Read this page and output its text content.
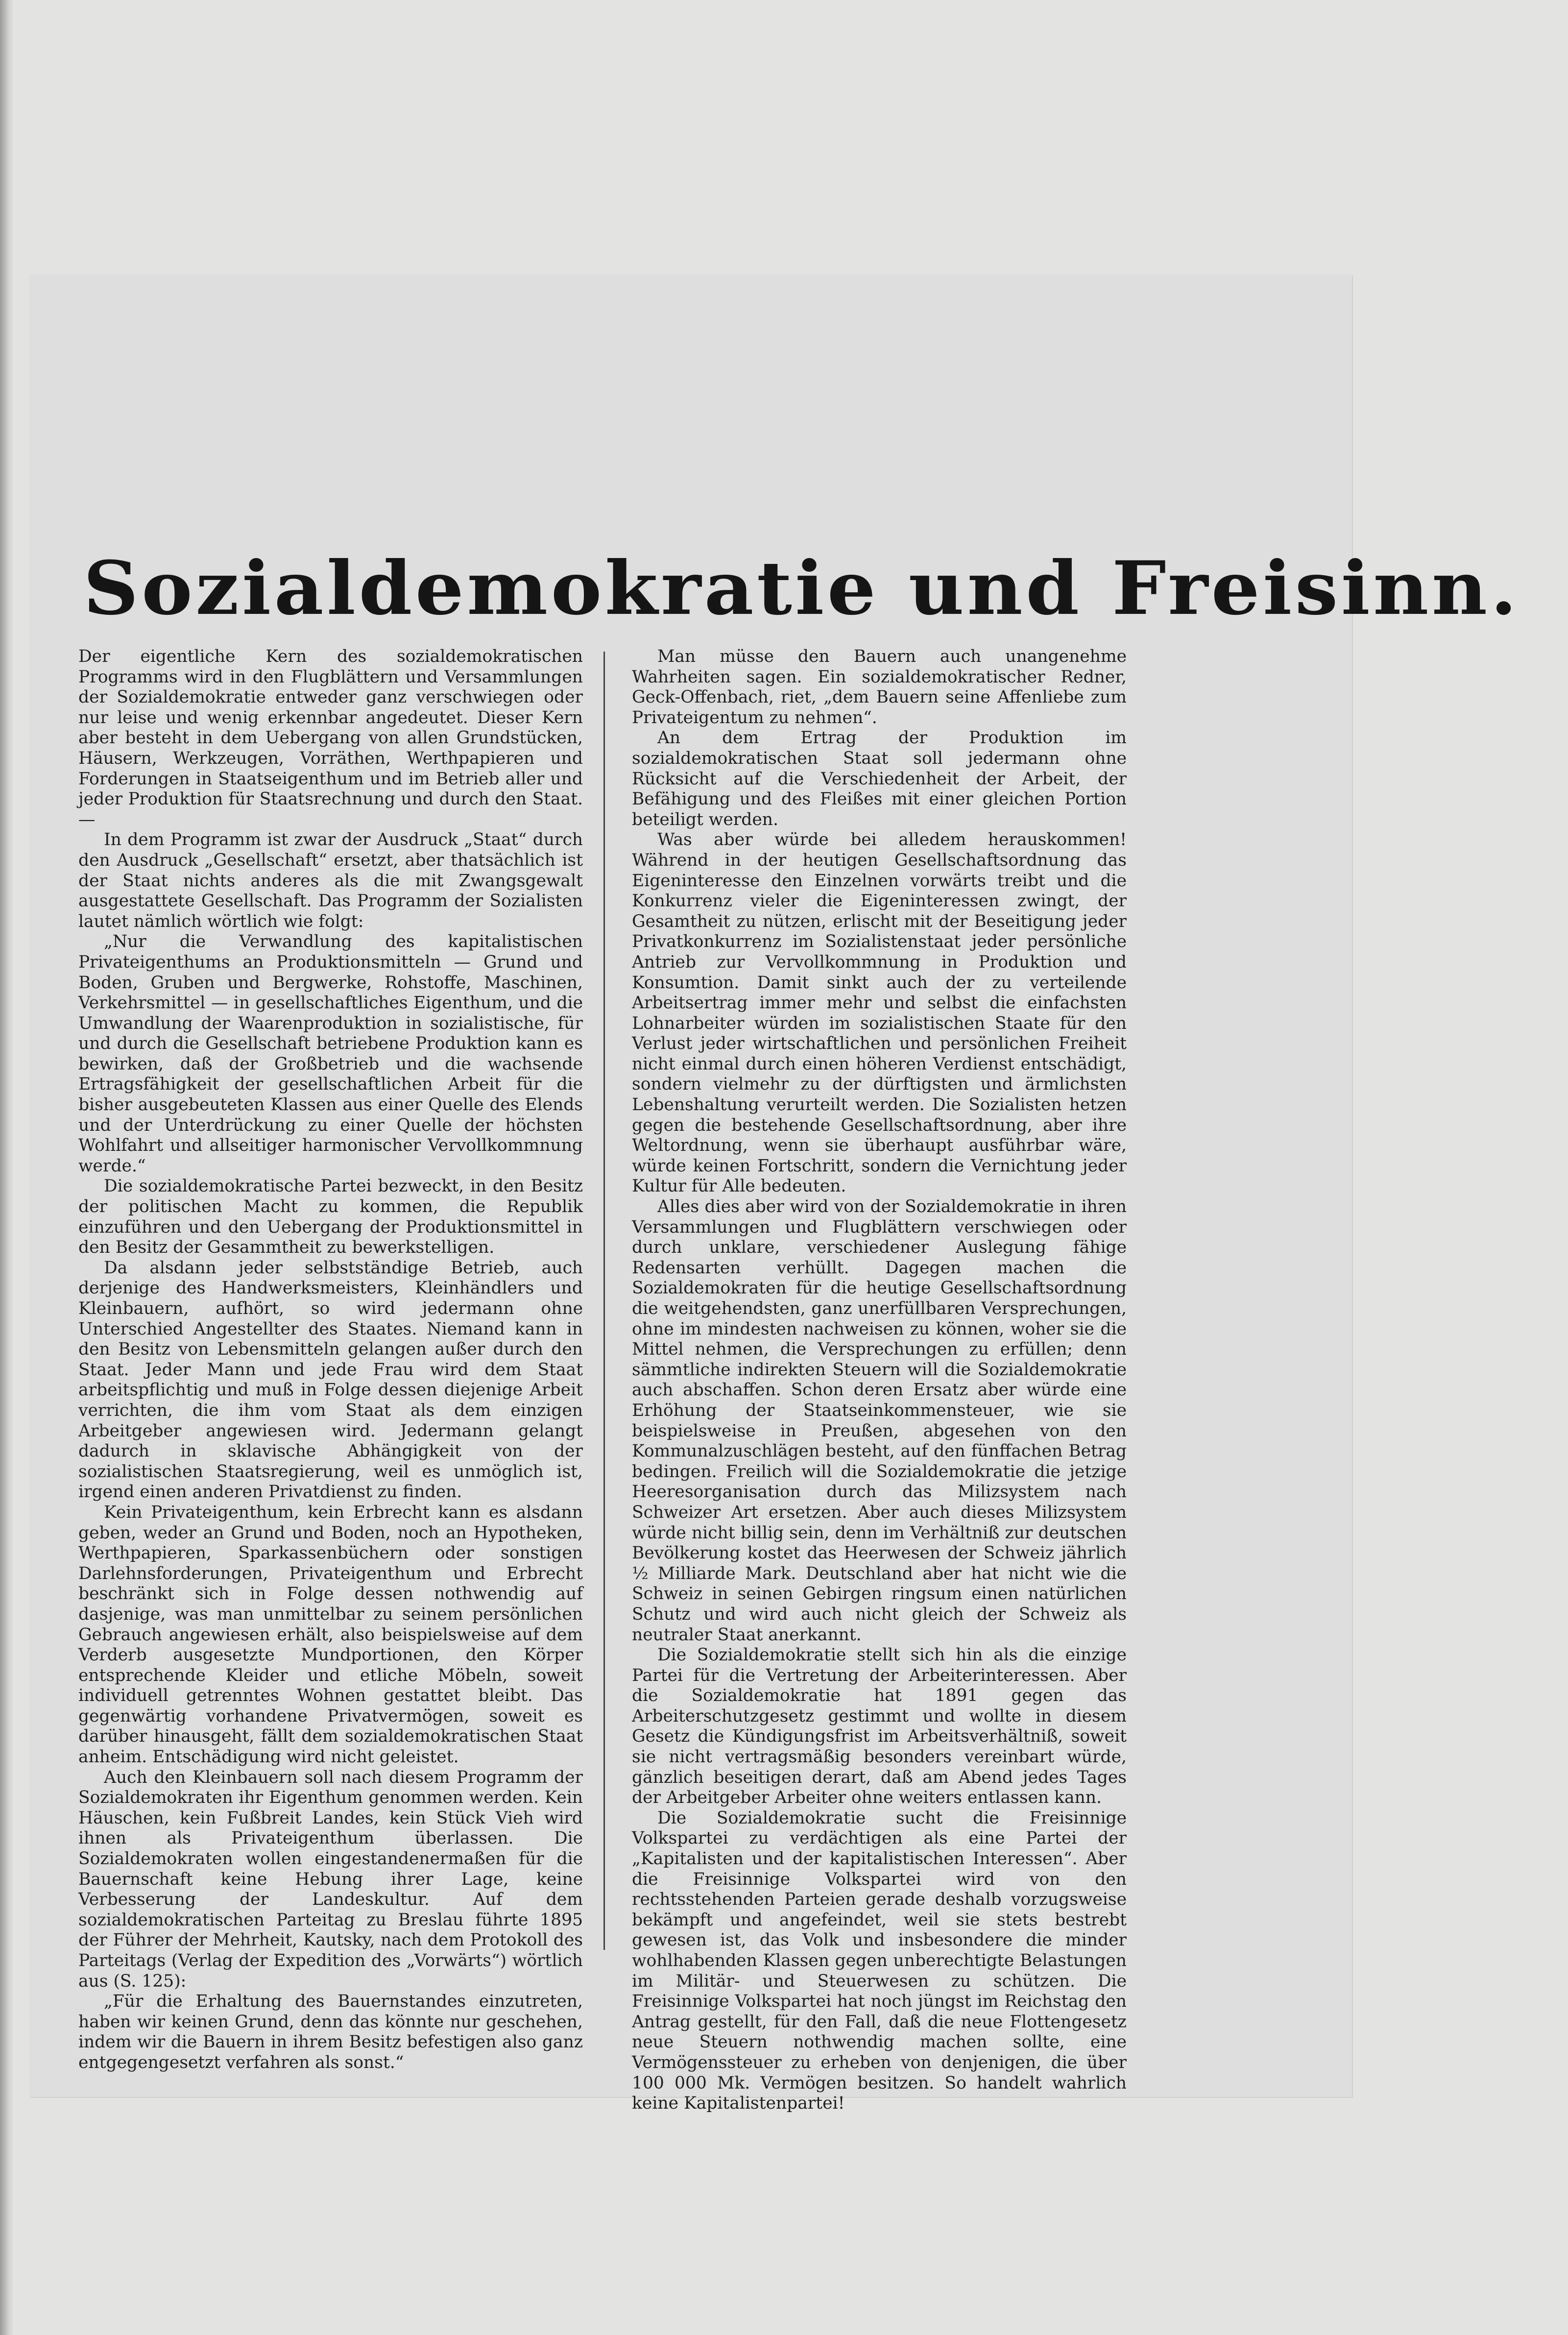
Sozialdemokratie und Freisinn.

Der eigentliche Kern des sozialdemokratischen Programms wird in den Flugblättern und Versammlungen der Sozialdemokratie entweder ganz verschwiegen oder nur leise und wenig erkennbar angedeutet. Dieser Kern aber besteht in dem Uebergang von allen Grundstücken, Häusern, Werkzeugen, Vorräthen, Werthpapieren und Forderungen in Staatseigenthum und im Betrieb aller und jeder Produktion für Staatsrechnung und durch den Staat. —

In dem Programm ist zwar der Ausdruck „Staat“ durch den Ausdruck „Gesellschaft“ ersetzt, aber thatsächlich ist der Staat nichts anderes als die mit Zwangsgewalt ausgestattete Gesellschaft. Das Programm der Sozialisten lautet nämlich wörtlich wie folgt:

„Nur die Verwandlung des kapitalistischen Privateigenthums an Produktionsmitteln — Grund und Boden, Gruben und Bergwerke, Rohstoffe, Maschinen, Verkehrsmittel — in gesellschaftliches Eigenthum, und die Umwandlung der Waarenproduktion in sozialistische, für und durch die Gesellschaft betriebene Produktion kann es bewirken, daß der Großbetrieb und die wachsende Ertragsfähigkeit der gesellschaftlichen Arbeit für die bisher ausgebeuteten Klassen aus einer Quelle des Elends und der Unterdrückung zu einer Quelle der höchsten Wohlfahrt und allseitiger harmonischer Vervollkommnung werde.“

Die sozialdemokratische Partei bezweckt, in den Besitz der politischen Macht zu kommen, die Republik einzuführen und den Uebergang der Produktionsmittel in den Besitz der Gesammtheit zu bewerkstelligen.

Da alsdann jeder selbstständige Betrieb, auch derjenige des Handwerksmeisters, Kleinhändlers und Kleinbauern, aufhört, so wird jedermann ohne Unterschied Angestellter des Staates. Niemand kann in den Besitz von Lebensmitteln gelangen außer durch den Staat. Jeder Mann und jede Frau wird dem Staat arbeitspflichtig und muß in Folge dessen diejenige Arbeit verrichten, die ihm vom Staat als dem einzigen Arbeitgeber angewiesen wird. Jedermann gelangt dadurch in sklavische Abhängigkeit von der sozialistischen Staatsregierung, weil es unmöglich ist, irgend einen anderen Privatdienst zu finden.

Kein Privateigenthum, kein Erbrecht kann es alsdann geben, weder an Grund und Boden, noch an Hypotheken, Werthpapieren, Sparkassenbüchern oder sonstigen Darlehnsforderungen, Privateigenthum und Erbrecht beschränkt sich in Folge dessen nothwendig auf dasjenige, was man unmittelbar zu seinem persönlichen Gebrauch angewiesen erhält, also beispielsweise auf dem Verderb ausgesetzte Mundportionen, den Körper entsprechende Kleider und etliche Möbeln, soweit individuell getrenntes Wohnen gestattet bleibt. Das gegenwärtig vorhandene Privatvermögen, soweit es darüber hinausgeht, fällt dem sozialdemokratischen Staat anheim. Entschädigung wird nicht geleistet.

Auch den Kleinbauern soll nach diesem Programm der Sozialdemokraten ihr Eigenthum genommen werden. Kein Häuschen, kein Fußbreit Landes, kein Stück Vieh wird ihnen als Privateigenthum überlassen. Die Sozialdemokraten wollen eingestandenermaßen für die Bauernschaft keine Hebung ihrer Lage, keine Verbesserung der Landeskultur. Auf dem sozialdemokratischen Parteitag zu Breslau führte 1895 der Führer der Mehrheit, Kautsky, nach dem Protokoll des Parteitags (Verlag der Expedition des „Vorwärts“) wörtlich aus (S. 125):

„Für die Erhaltung des Bauernstandes einzutreten, haben wir keinen Grund, denn das könnte nur geschehen, indem wir die Bauern in ihrem Besitz befestigen also ganz entgegengesetzt verfahren als sonst.“

Man müsse den Bauern auch unangenehme Wahrheiten sagen. Ein sozialdemokratischer Redner, Geck-Offenbach, riet, „dem Bauern seine Affenliebe zum Privateigentum zu nehmen“.

An dem Ertrag der Produktion im sozialdemokratischen Staat soll jedermann ohne Rücksicht auf die Verschiedenheit der Arbeit, der Befähigung und des Fleißes mit einer gleichen Portion beteiligt werden.

Was aber würde bei alledem herauskommen! Während in der heutigen Gesellschaftsordnung das Eigeninteresse den Einzelnen vorwärts treibt und die Konkurrenz vieler die Eigeninteressen zwingt, der Gesamtheit zu nützen, erlischt mit der Beseitigung jeder Privatkonkurrenz im Sozialistenstaat jeder persönliche Antrieb zur Vervollkommnung in Produktion und Konsumtion. Damit sinkt auch der zu verteilende Arbeitsertrag immer mehr und selbst die einfachsten Lohnarbeiter würden im sozialistischen Staate für den Verlust jeder wirtschaftlichen und persönlichen Freiheit nicht einmal durch einen höheren Verdienst entschädigt, sondern vielmehr zu der dürftigsten und ärmlichsten Lebenshaltung verurteilt werden. Die Sozialisten hetzen gegen die bestehende Gesellschaftsordnung, aber ihre Weltordnung, wenn sie überhaupt ausführbar wäre, würde keinen Fortschritt, sondern die Vernichtung jeder Kultur für Alle bedeuten.

Alles dies aber wird von der Sozialdemokratie in ihren Versammlungen und Flugblättern verschwiegen oder durch unklare, verschiedener Auslegung fähige Redensarten verhüllt. Dagegen machen die Sozialdemokraten für die heutige Gesellschaftsordnung die weitgehendsten, ganz unerfüllbaren Versprechungen, ohne im mindesten nachweisen zu können, woher sie die Mittel nehmen, die Versprechungen zu erfüllen; denn sämmtliche indirekten Steuern will die Sozialdemokratie auch abschaffen. Schon deren Ersatz aber würde eine Erhöhung der Staatseinkommensteuer, wie sie beispielsweise in Preußen, abgesehen von den Kommunalzuschlägen besteht, auf den fünffachen Betrag bedingen. Freilich will die Sozialdemokratie die jetzige Heeresorganisation durch das Milizsystem nach Schweizer Art ersetzen. Aber auch dieses Milizsystem würde nicht billig sein, denn im Verhältniß zur deutschen Bevölkerung kostet das Heerwesen der Schweiz jährlich ½ Milliarde Mark. Deutschland aber hat nicht wie die Schweiz in seinen Gebirgen ringsum einen natürlichen Schutz und wird auch nicht gleich der Schweiz als neutraler Staat anerkannt.

Die Sozialdemokratie stellt sich hin als die einzige Partei für die Vertretung der Arbeiterinteressen. Aber die Sozialdemokratie hat 1891 gegen das Arbeiterschutzgesetz gestimmt und wollte in diesem Gesetz die Kündigungsfrist im Arbeitsverhältniß, soweit sie nicht vertragsmäßig besonders vereinbart würde, gänzlich beseitigen derart, daß am Abend jedes Tages der Arbeitgeber Arbeiter ohne weiters entlassen kann.

Die Sozialdemokratie sucht die Freisinnige Volkspartei zu verdächtigen als eine Partei der „Kapitalisten und der kapitalistischen Interessen“. Aber die Freisinnige Volkspartei wird von den rechtsstehenden Parteien gerade deshalb vorzugsweise bekämpft und angefeindet, weil sie stets bestrebt gewesen ist, das Volk und insbesondere die minder wohlhabenden Klassen gegen unberechtigte Belastungen im Militär- und Steuerwesen zu schützen. Die Freisinnige Volkspartei hat noch jüngst im Reichstag den Antrag gestellt, für den Fall, daß die neue Flottengesetz neue Steuern nothwendig machen sollte, eine Vermögenssteuer zu erheben von denjenigen, die über 100 000 Mk. Vermögen besitzen. So handelt wahrlich keine Kapitalistenpartei!
